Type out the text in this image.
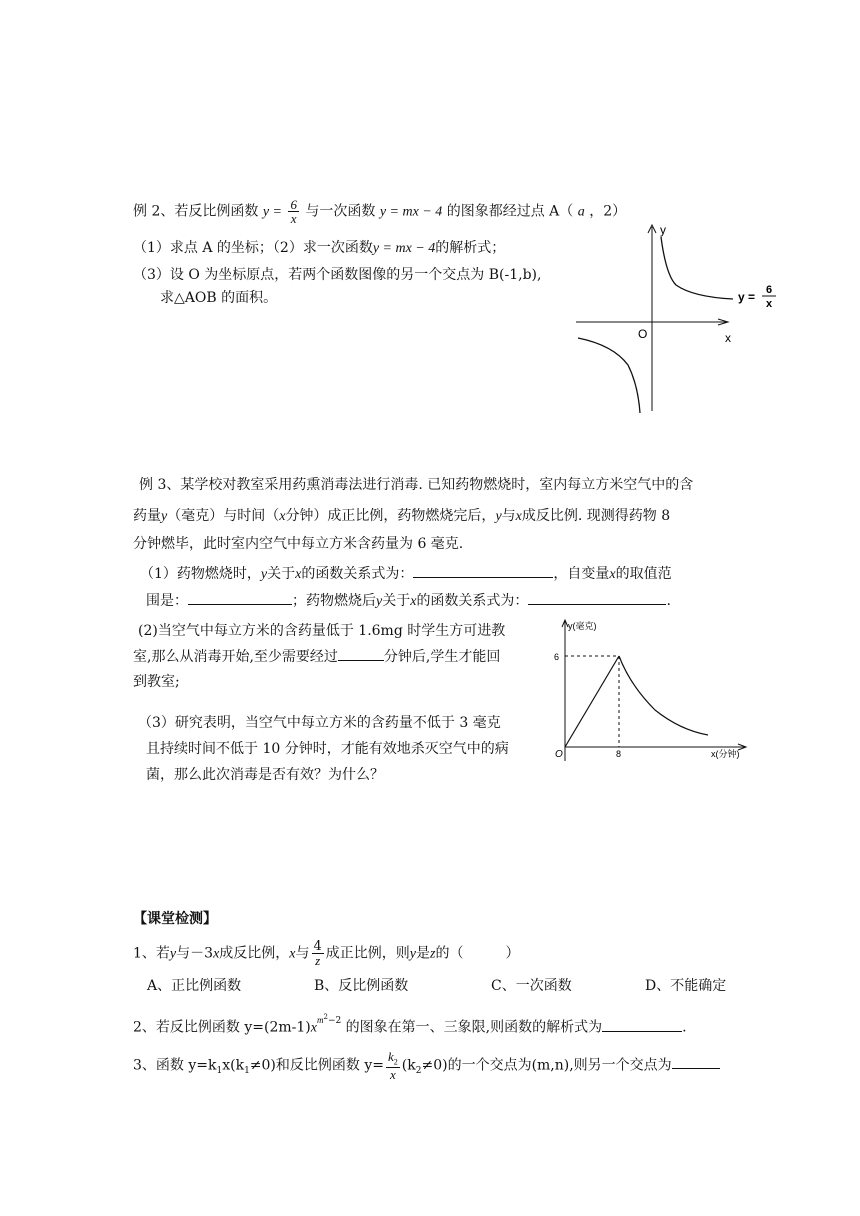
例 2、若反比例函数 $y = \frac{6}{x}$ 与一次函数 y = mx − 4 的图象都经过点 A（ a ，2）
（1）求点 A 的坐标；（2）求一次函数y = mx − 4的解析式；
（3）设 O 为坐标原点，若两个函数图像的另一个交点为 B(-1,b),
求△AOB 的面积。
y
x
O
y = 6
x
例 3、某学校对教室采用药熏消毒法进行消毒. 已知药物燃烧时，室内每立方米空气中的含
药量y（毫克）与时间（x分钟）成正比例，药物燃烧完后，y与x成反比例. 现测得药物 8
分钟燃毕，此时室内空气中每立方米含药量为 6 毫克.
（1）药物燃烧时，y关于x的函数关系式为：	，自变量x的取值范
围是：	；药物燃烧后y关于x的函数关系式为：	.
(2)当空气中每立方米的含药量低于 1.6mg 时学生方可进教
室,那么从消毒开始,至少需要经过	分钟后,学生才能回
到教室;
（3）研究表明，当空气中每立方米的含药量不低于 3 毫克
且持续时间不低于 10 分钟时，才能有效地杀灭空气中的病
菌，那么此次消毒是否有效？为什么？
y(毫克)
x(分钟)
O
6
8
【课堂检测】
1、若y与－3x成反比例，x与 $\frac{4}{z}$ 成正比例，则y是z的（　　　）
A、正比例函数	B、反比例函数	C、一次函数	D、不能确定
2、若反比例函数 $y=(2m-1)x^{m^2-2}$ 的图象在第一、三象限,则函数的解析式为	.
3、函数 $y=k_1x(k_1\ne 0)$和反比例函数 $y= \frac{k_2}{x} (k_2\ne 0)$的一个交点为(m,n),则另一个交点为
